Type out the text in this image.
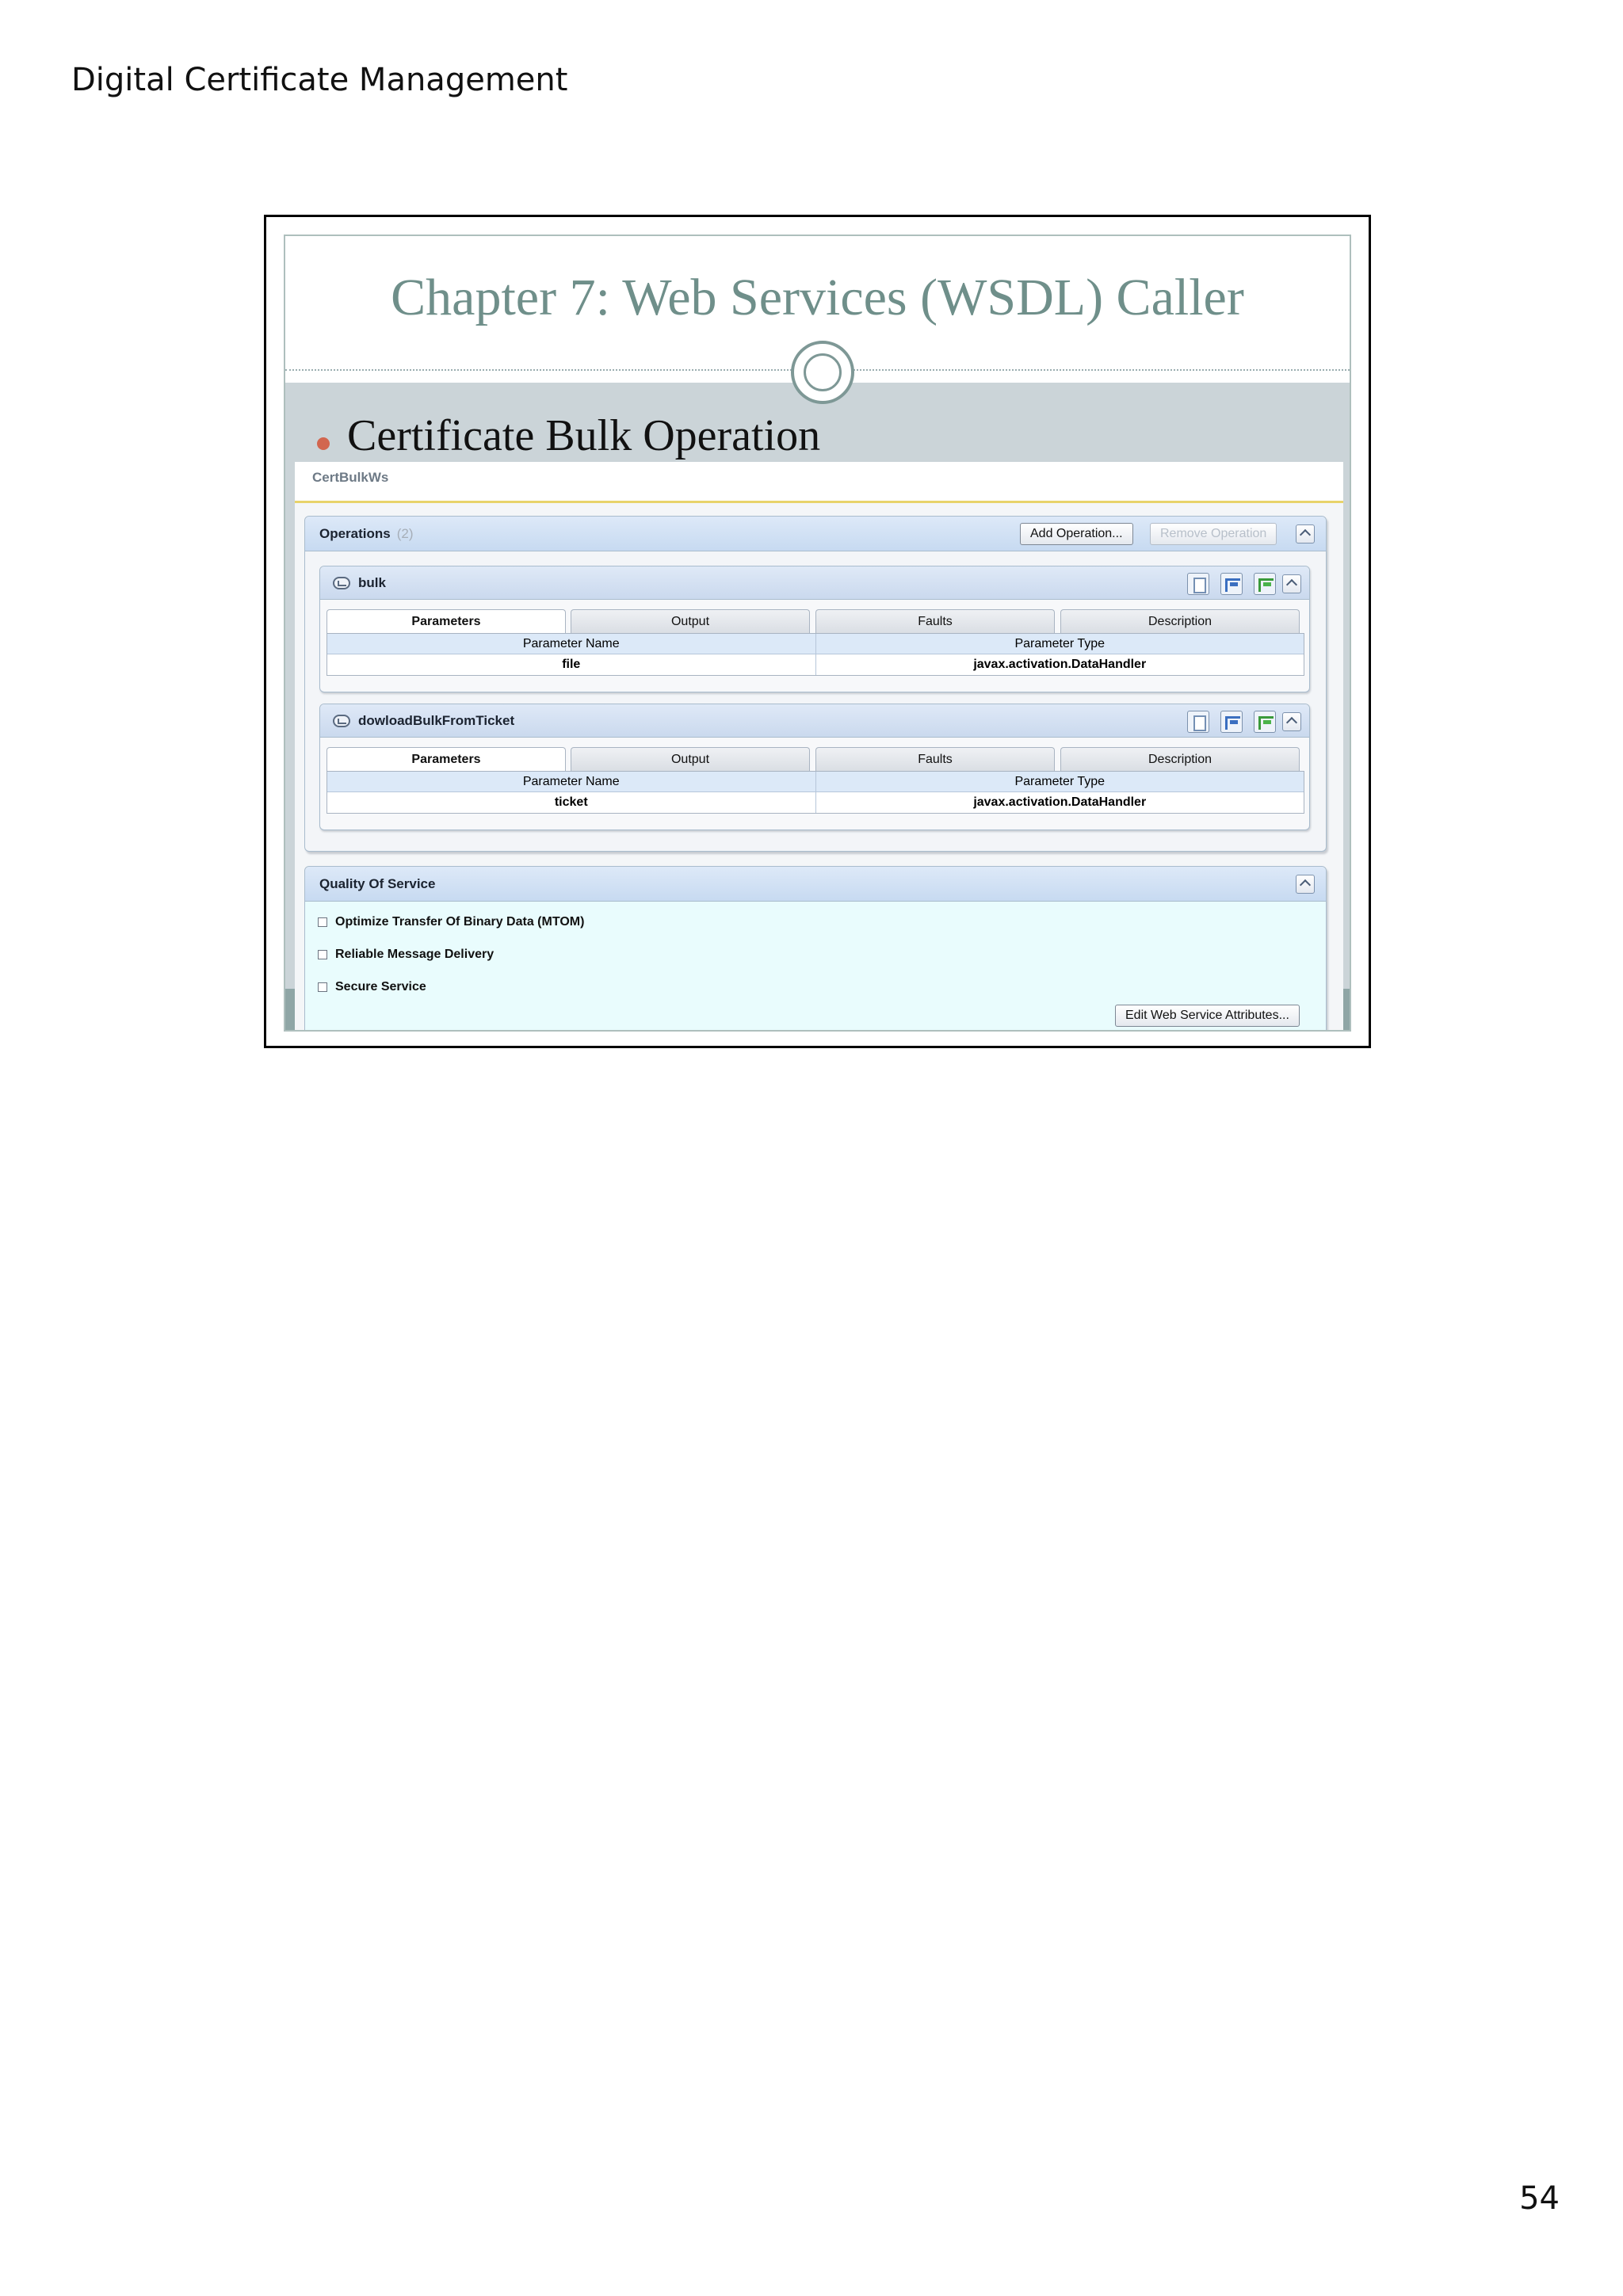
Digital Certificate Management
Chapter 7: Web Services (WSDL) Caller
Certificate Bulk Operation
CertBulkWs
Operations (2)	Add Operation...	Remove Operation
bulk
Parameters	Output	Faults	Description
Parameter Name	Parameter Type
file	javax.activation.DataHandler
dowloadBulkFromTicket
Parameters	Output	Faults	Description
Parameter Name	Parameter Type
ticket	javax.activation.DataHandler
Quality Of Service
Optimize Transfer Of Binary Data (MTOM)
Reliable Message Delivery
Secure Service
Edit Web Service Attributes...
54
